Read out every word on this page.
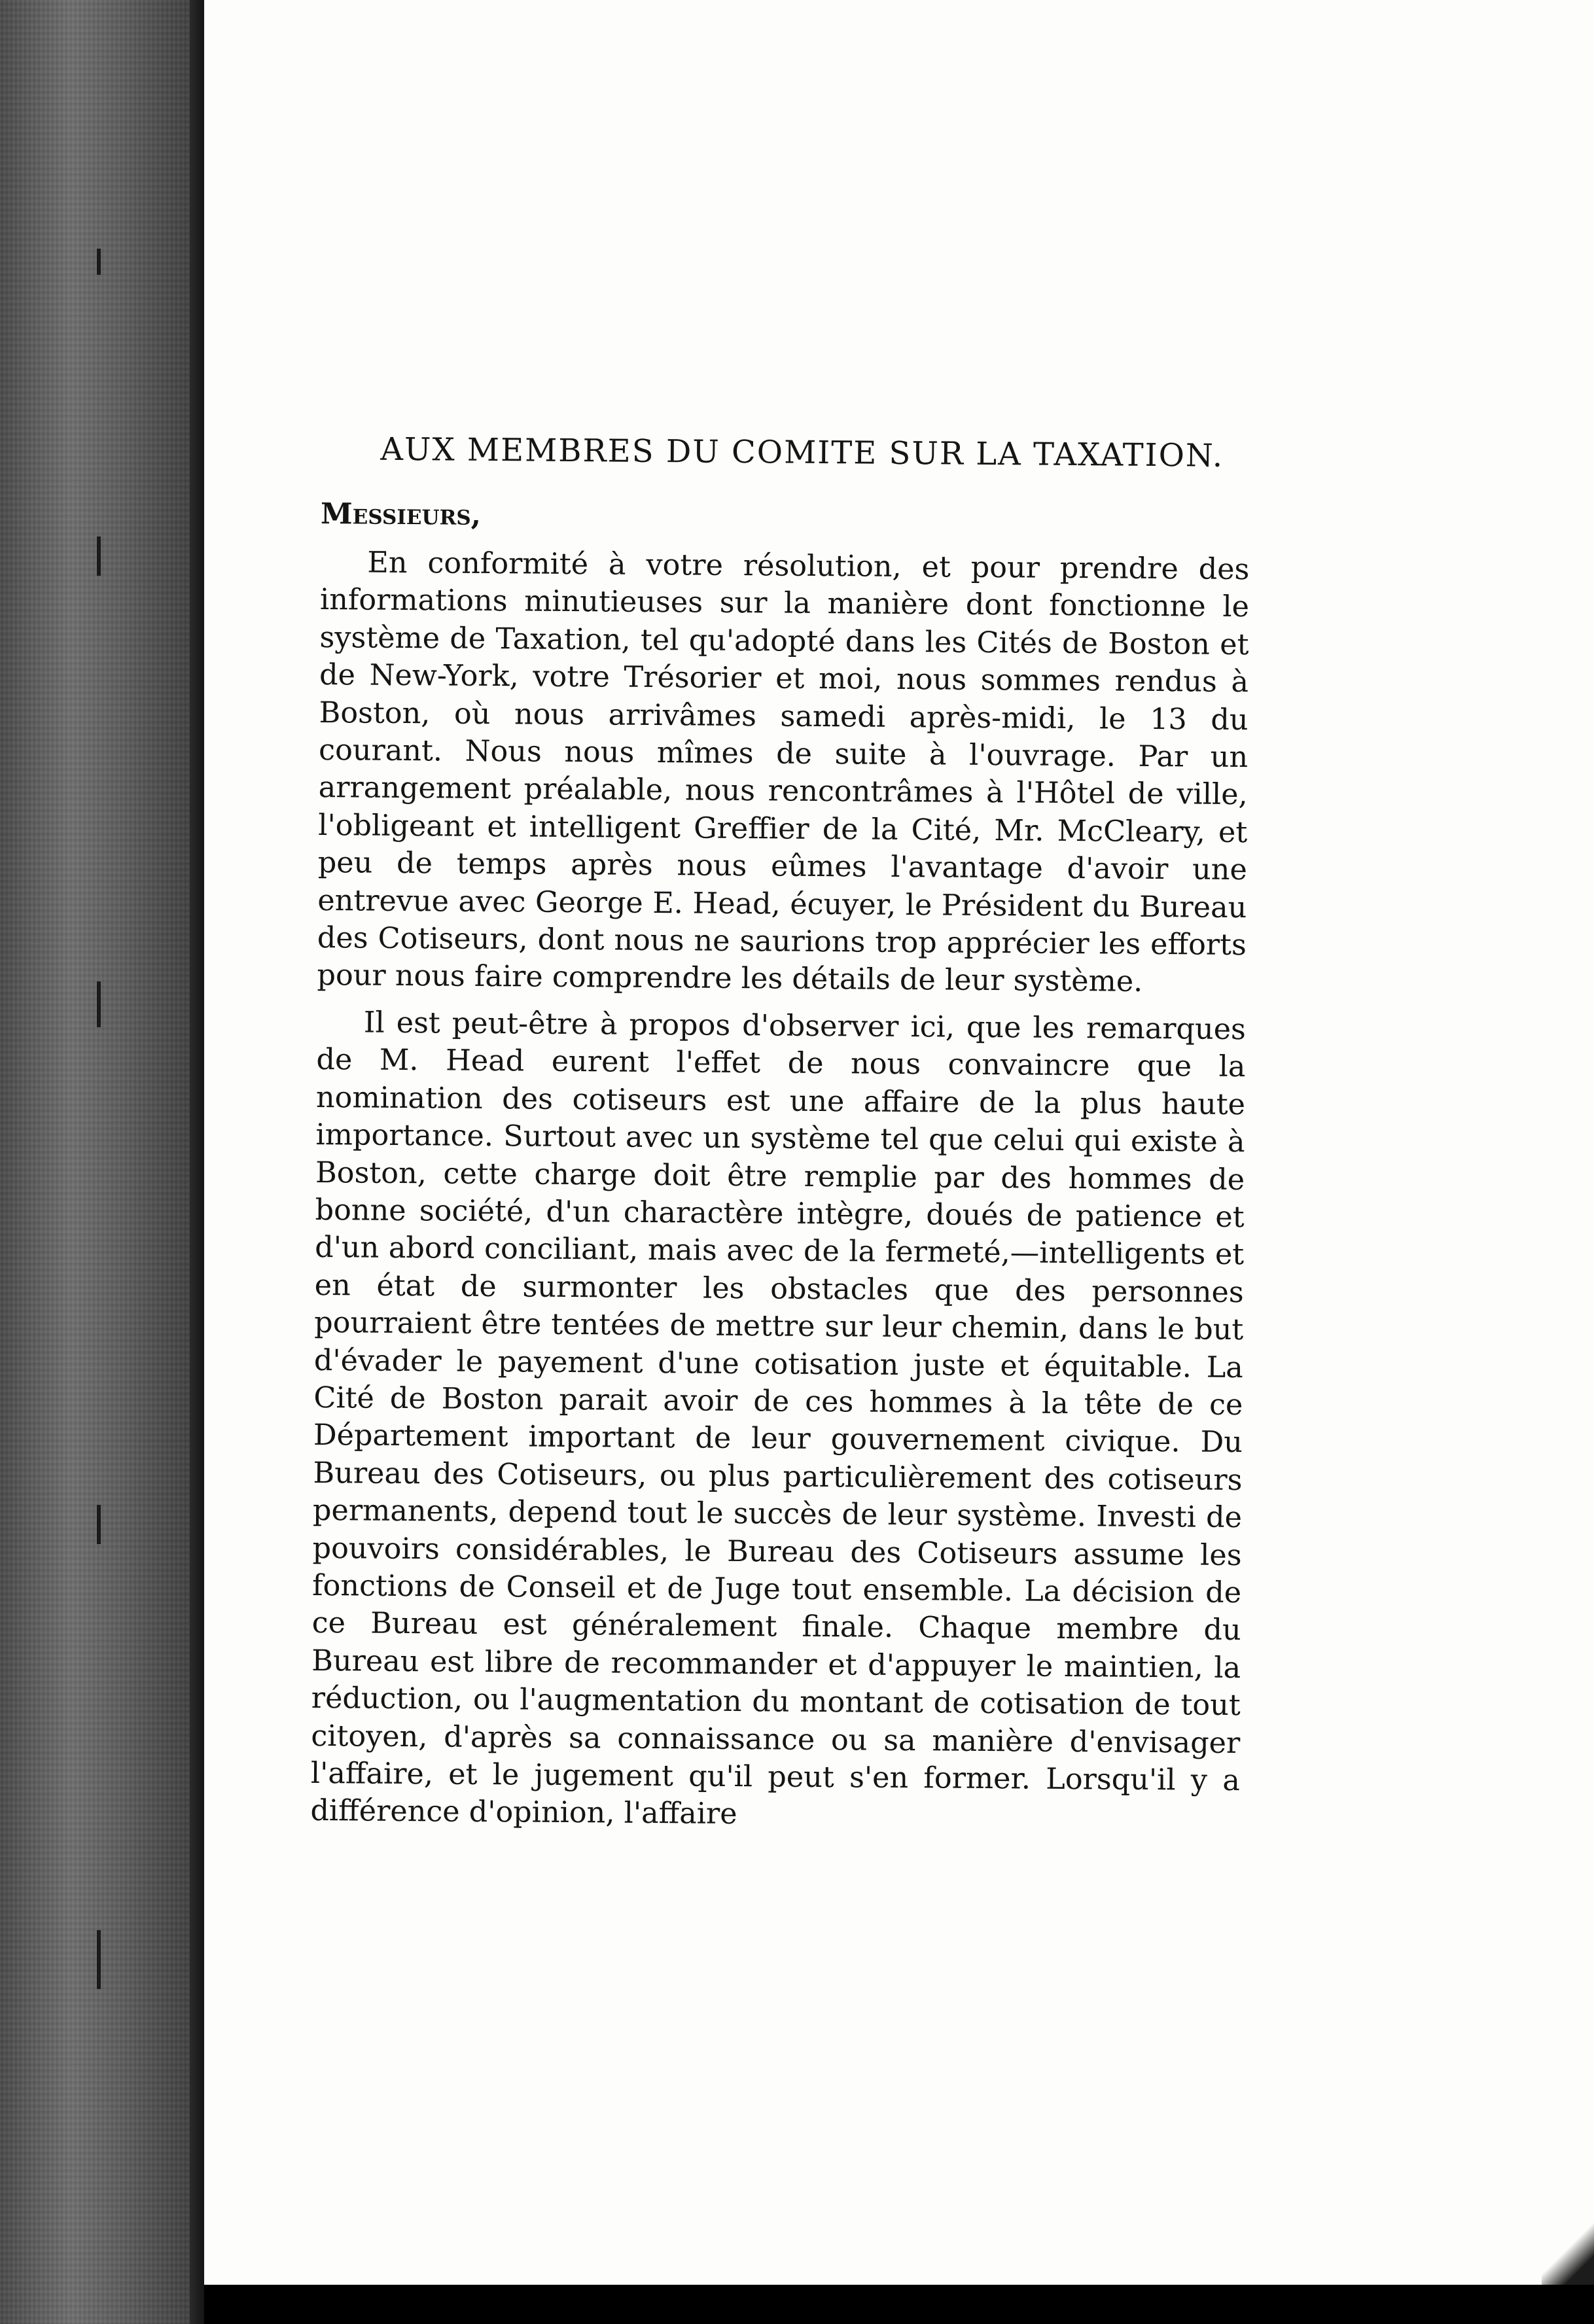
AUX MEMBRES DU COMITE SUR LA TAXATION.

Messieurs,

En conformité à votre résolution, et pour prendre des informations minutieuses sur la manière dont fonctionne le système de Taxation, tel qu'adopté dans les Cités de Boston et de New-York, votre Trésorier et moi, nous sommes rendus à Boston, où nous arrivâmes samedi après-midi, le 13 du courant. Nous nous mîmes de suite à l'ouvrage. Par un arrangement préalable, nous rencontrâmes à l'Hôtel de ville, l'obligeant et intelligent Greffier de la Cité, Mr. McCleary, et peu de temps après nous eûmes l'avantage d'avoir une entrevue avec George E. Head, écuyer, le Président du Bureau des Cotiseurs, dont nous ne saurions trop apprécier les efforts pour nous faire comprendre les détails de leur système.

Il est peut-être à propos d'observer ici, que les remarques de M. Head eurent l'effet de nous convaincre que la nomination des cotiseurs est une affaire de la plus haute importance. Surtout avec un système tel que celui qui existe à Boston, cette charge doit être remplie par des hommes de bonne société, d'un charactère intègre, doués de patience et d'un abord conciliant, mais avec de la fermeté,—intelligents et en état de surmonter les obstacles que des personnes pourraient être tentées de mettre sur leur chemin, dans le but d'évader le payement d'une cotisation juste et équitable. La Cité de Boston parait avoir de ces hommes à la tête de ce Département important de leur gouvernement civique. Du Bureau des Cotiseurs, ou plus particulièrement des cotiseurs permanents, depend tout le succès de leur système. Investi de pouvoirs considérables, le Bureau des Cotiseurs assume les fonctions de Conseil et de Juge tout ensemble. La décision de ce Bureau est généralement finale. Chaque membre du Bureau est libre de recommander et d'appuyer le maintien, la réduction, ou l'augmentation du montant de cotisation de tout citoyen, d'après sa connaissance ou sa manière d'envisager l'affaire, et le jugement qu'il peut s'en former. Lorsqu'il y a différence d'opinion, l'affaire
